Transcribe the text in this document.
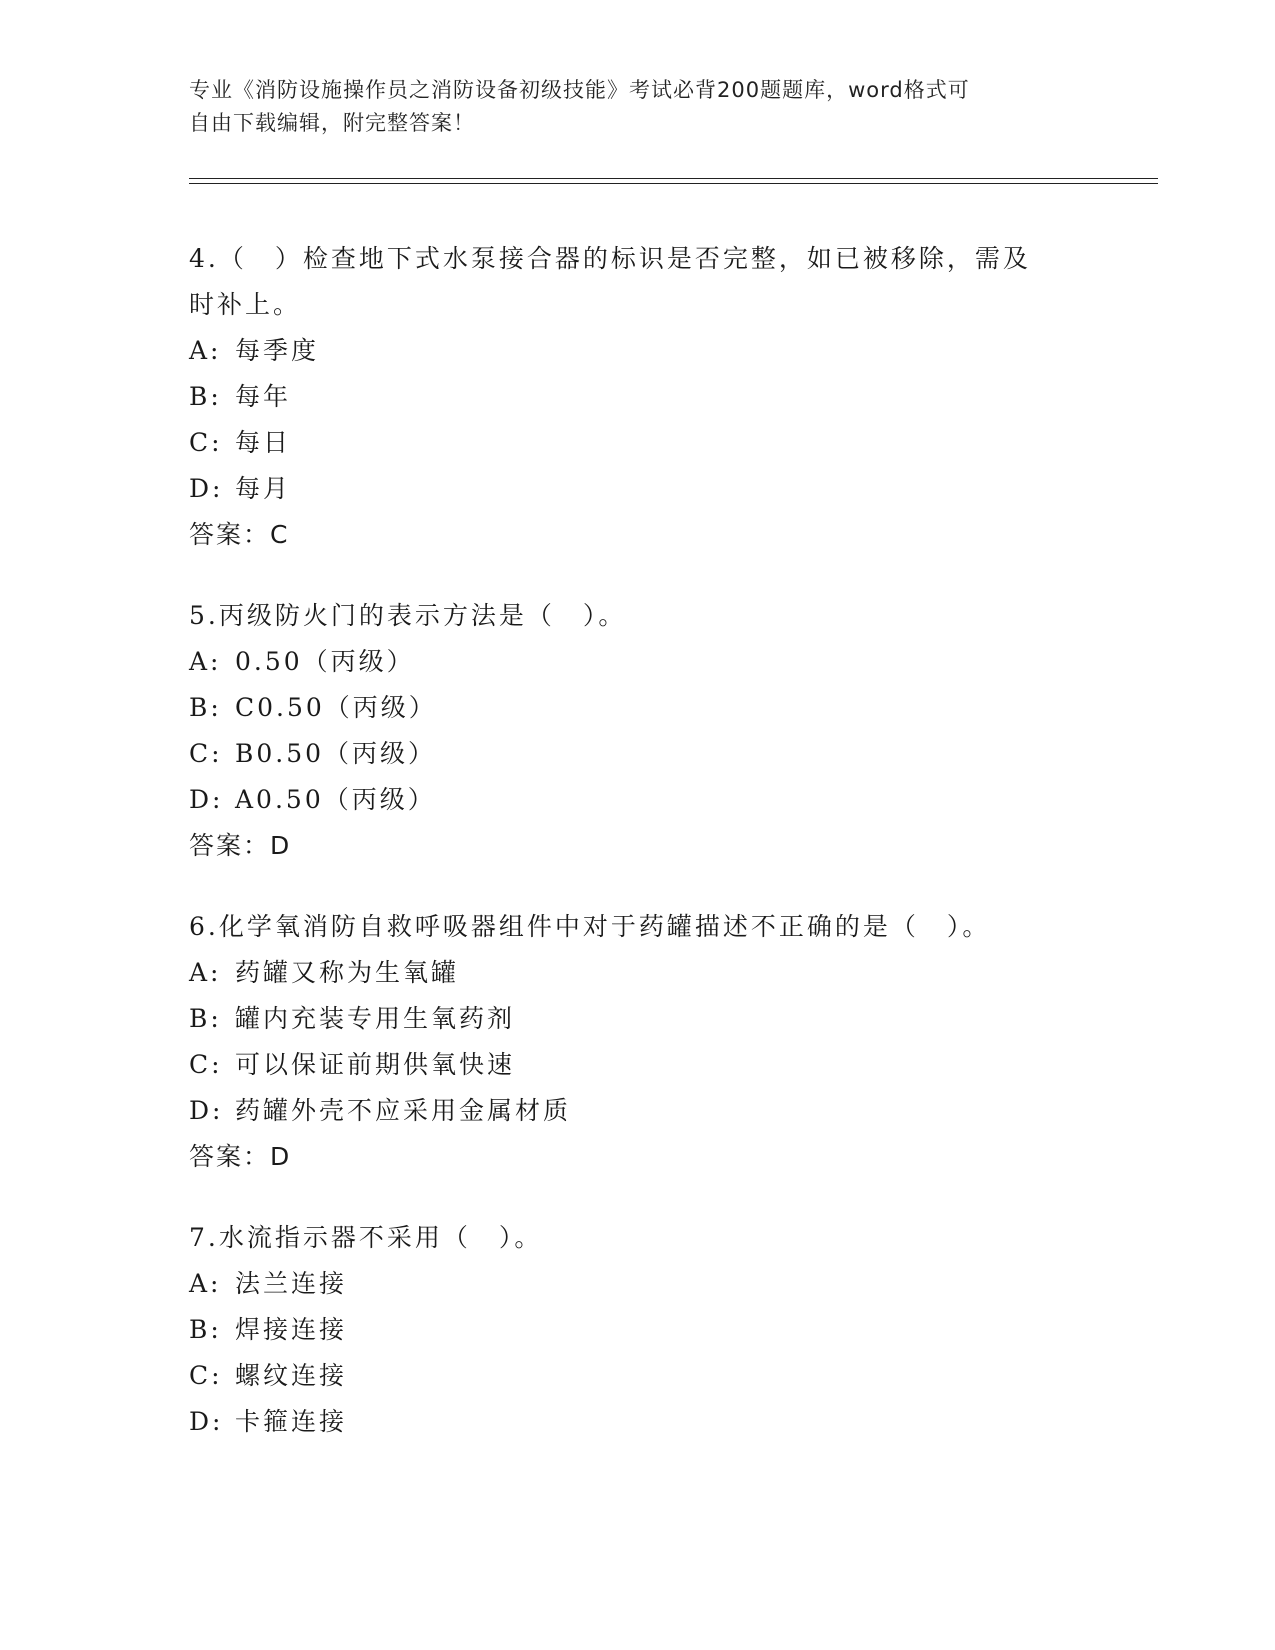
专业《消防设施操作员之消防设备初级技能》考试必背200题题库，word格式可
自由下载编辑，附完整答案！
4.（　）检查地下式水泵接合器的标识是否完整，如已被移除，需及
时补上。
A: 每季度
B: 每年
C: 每日
D: 每月
答案：C
5.丙级防火门的表示方法是（　）。
A: 0.50（丙级）
B: C0.50（丙级）
C: B0.50（丙级）
D: A0.50（丙级）
答案：D
6.化学氧消防自救呼吸器组件中对于药罐描述不正确的是（　）。
A: 药罐又称为生氧罐
B: 罐内充装专用生氧药剂
C: 可以保证前期供氧快速
D: 药罐外壳不应采用金属材质
答案：D
7.水流指示器不采用（　）。
A: 法兰连接
B: 焊接连接
C: 螺纹连接
D: 卡箍连接
